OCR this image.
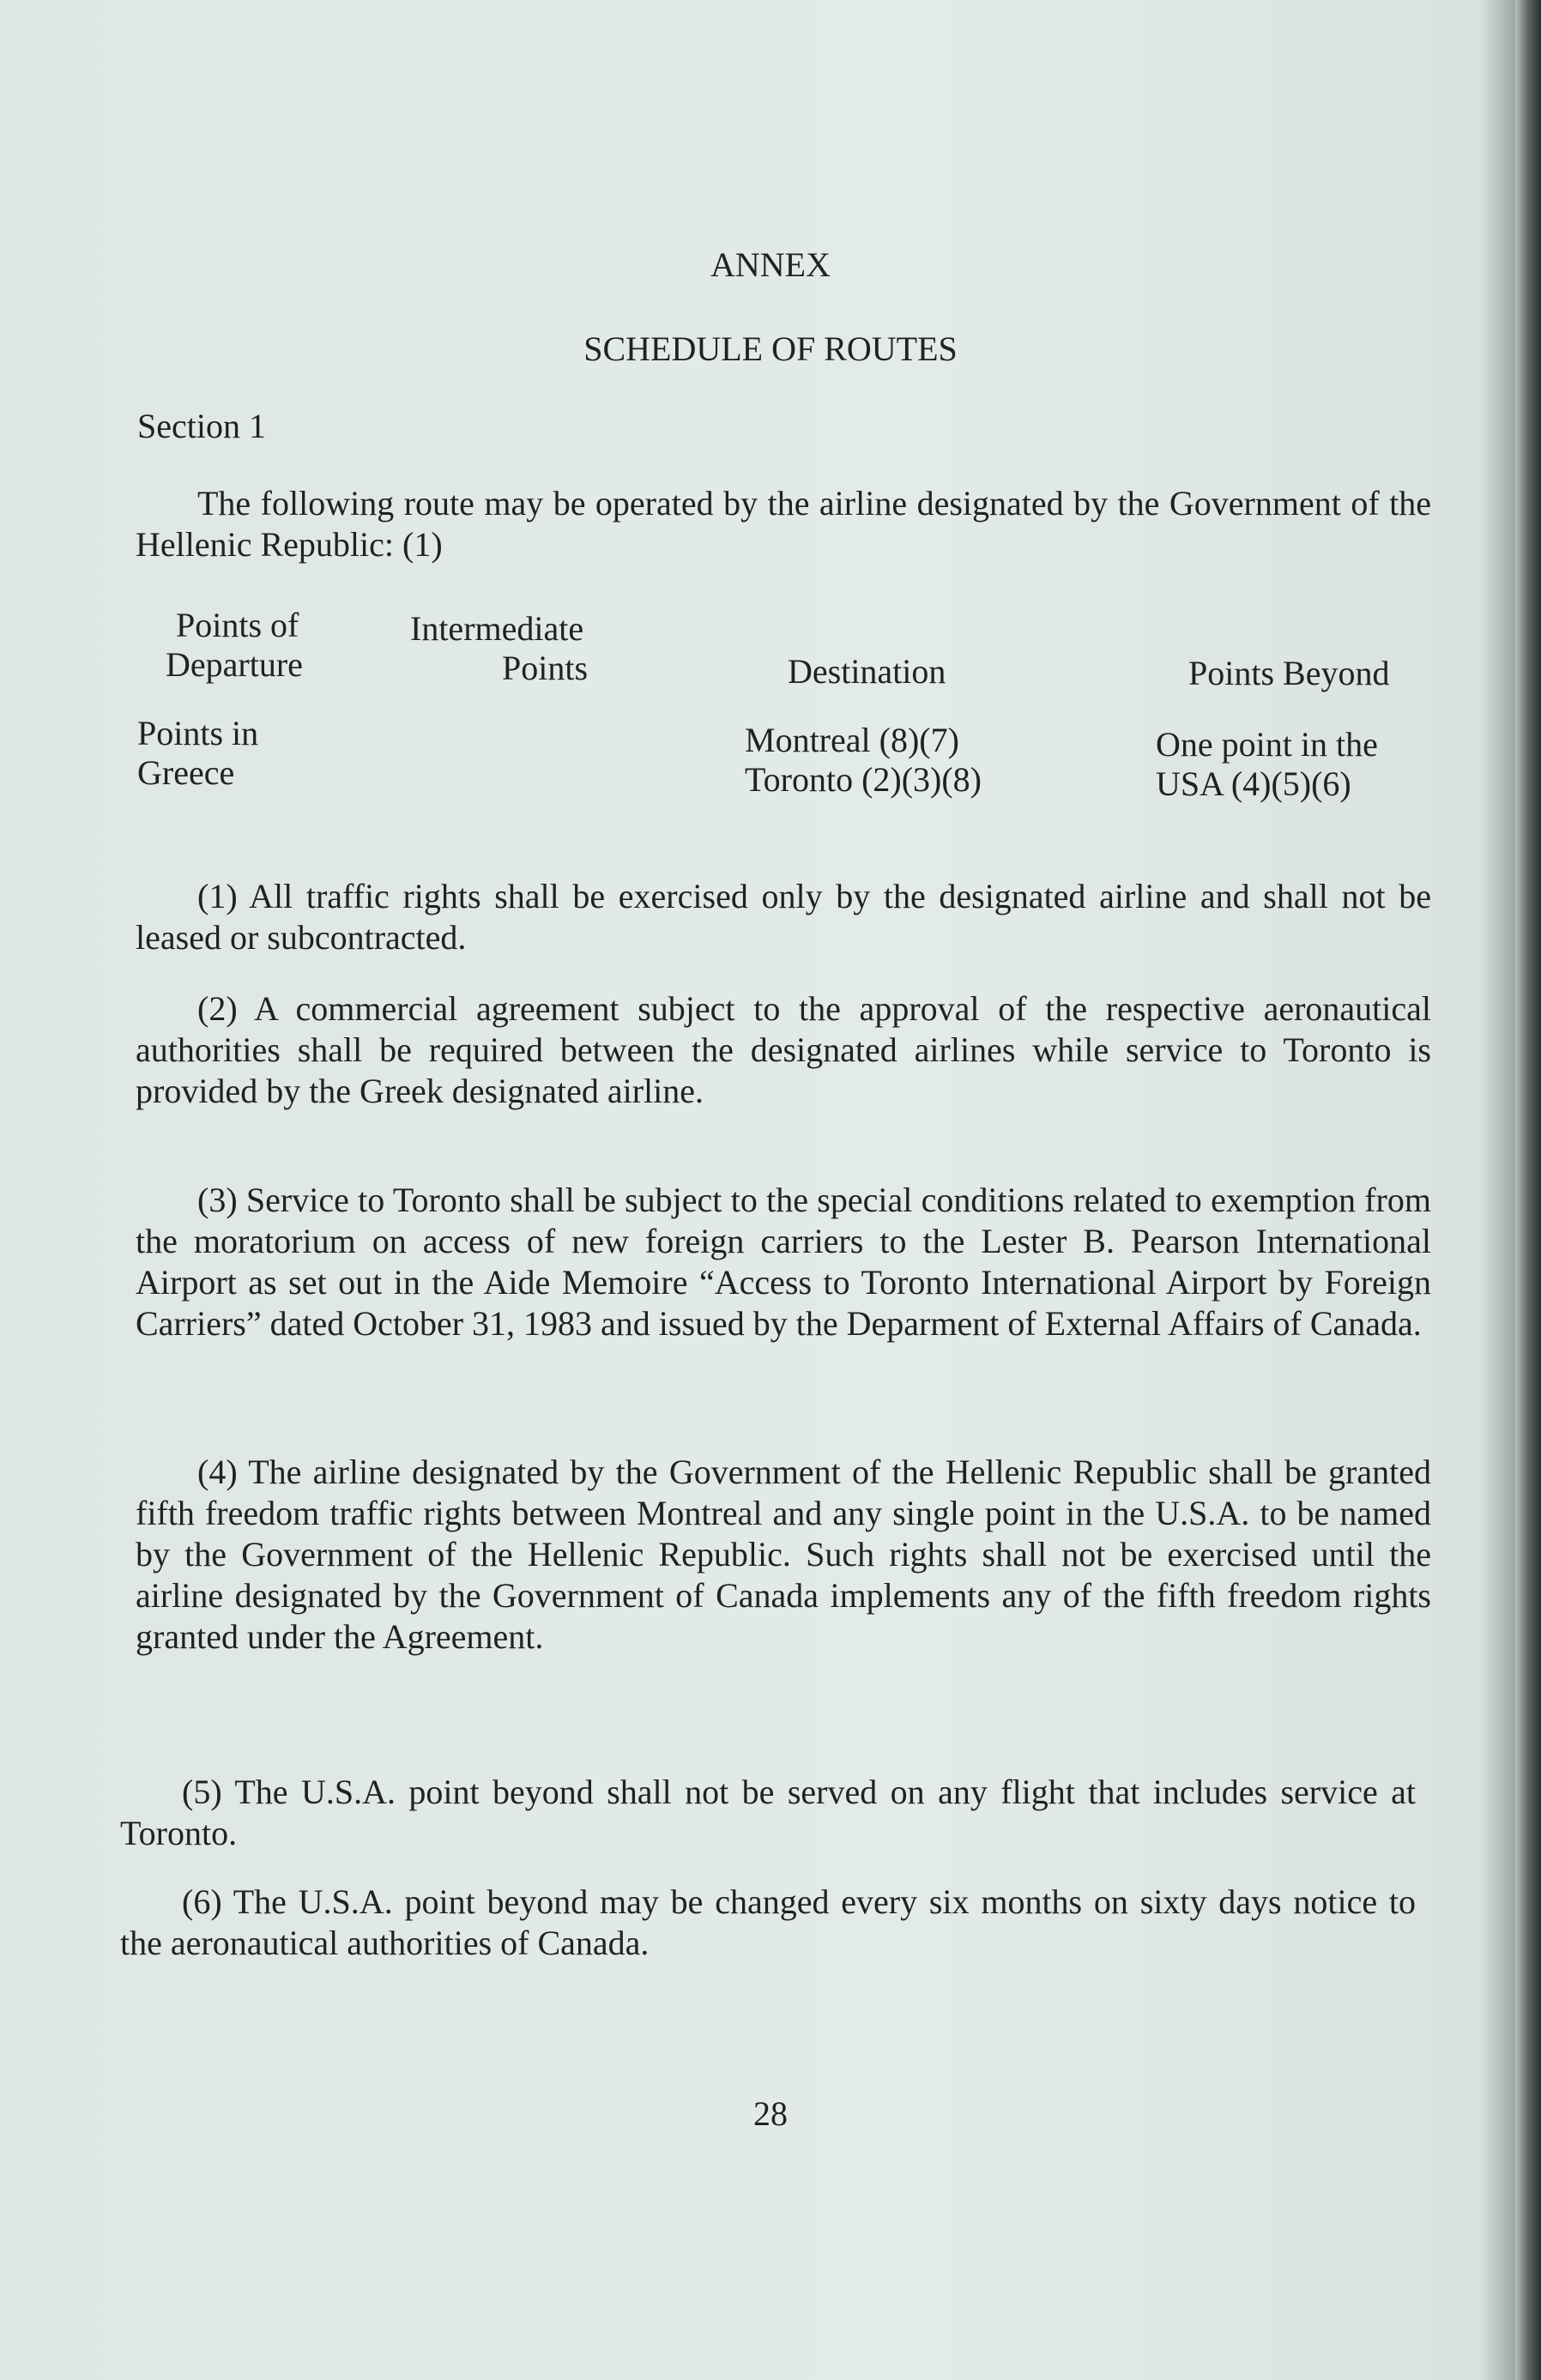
ANNEX
SCHEDULE OF ROUTES
Section 1
The following route may be operated by the airline designated by the Government of the Hellenic Republic: (1)
Points of
Departure
Intermediate
Points	Destination	Points Beyond
Points in
Greece
Montreal (8)(7)
Toronto (2)(3)(8)
One point in the
USA (4)(5)(6)
(1) All traffic rights shall be exercised only by the designated airline and shall not be leased or subcontracted.
(2) A commercial agreement subject to the approval of the respective aeronautical authorities shall be required between the designated airlines while service to Toronto is provided by the Greek designated airline.
(3) Service to Toronto shall be subject to the special conditions related to exemption from the moratorium on access of new foreign carriers to the Lester B. Pearson International Airport as set out in the Aide Memoire “Access to Toronto International Airport by Foreign Carriers” dated October 31, 1983 and issued by the Deparment of External Affairs of Canada.
(4) The airline designated by the Government of the Hellenic Republic shall be granted fifth freedom traffic rights between Montreal and any single point in the U.S.A. to be named by the Government of the Hellenic Republic. Such rights shall not be exercised until the airline designated by the Government of Canada implements any of the fifth freedom rights granted under the Agreement.
(5) The U.S.A. point beyond shall not be served on any flight that includes service at Toronto.
(6) The U.S.A. point beyond may be changed every six months on sixty days notice to the aeronautical authorities of Canada.
28
